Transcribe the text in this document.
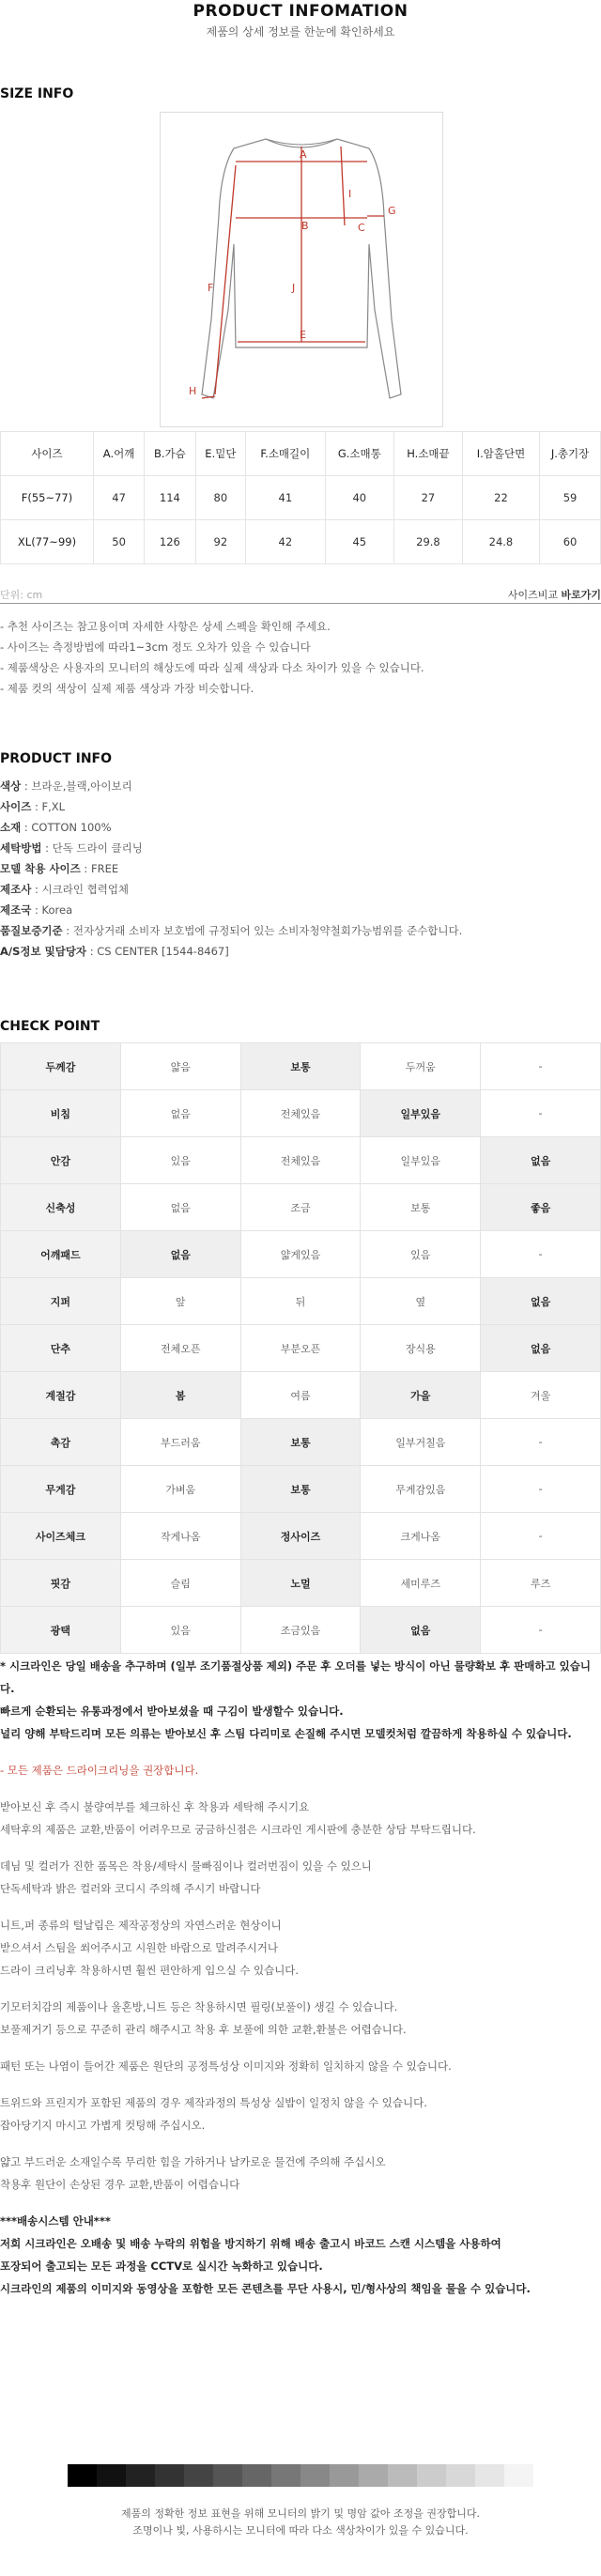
PRODUCT INFOMATION

제품의 상세 정보를 한눈에 확인하세요

SIZE INFO
A
B	C
E
F
G
H
I
J
사이즈	A.어깨	B.가슴	E.밑단	F.소매길이	G.소매통	H.소매끝	I.암홀단면	J.총기장
F(55~77)	47	114	80	41	40	27	22	59
XL(77~99)	50	126	92	42	45	29.8	24.8	60
단위: cm	사이즈비교 바로가기
- 추천 사이즈는 참고용이며 자세한 사항은 상세 스펙을 확인해 주세요.
- 사이즈는 측정방법에 따라1~3cm 정도 오차가 있을 수 있습니다
- 제품색상은 사용자의 모니터의 해상도에 따라 실제 색상과 다소 차이가 있을 수 있습니다.
- 제품 컷의 색상이 실제 제품 색상과 가장 비슷합니다.
PRODUCT INFO
색상 : 브라운,블랙,아이보리
사이즈 : F,XL
소재 : COTTON 100%
세탁방법 : 단독 드라이 클리닝
모델 착용 사이즈 : FREE
제조사 : 시크라인 협력업체
제조국 : Korea
품질보증기준 : 전자상거래 소비자 보호법에 규정되어 있는 소비자청약철회가능범위를 준수합니다.
A/S정보 및담당자 : CS CENTER [1544-8467]
CHECK POINT
두께감	얇음	보통	두꺼움	-
비침	없음	전체있음	일부있음	-
안감	있음	전체있음	일부있음	없음
신축성	없음	조금	보통	좋음
어깨패드	없음	얇게있음	있음	-
지퍼	앞	뒤	옆	없음
단추	전체오픈	부분오픈	장식용	없음
계절감	봄	여름	가을	겨울
촉감	부드러움	보통	일부거칠음	-
무게감	가벼움	보통	무게감있음	-
사이즈체크	작게나옴	정사이즈	크게나옴	-
핏감	슬림	노멀	세미루즈	루즈
광택	있음	조금있음	없음	-
* 시크라인은 당일 배송을 추구하며 (일부 조기품절상품 제외) 주문 후 오더를 넣는 방식이 아닌 물량확보 후 판매하고 있습니다.
빠르게 순환되는 유통과정에서 받아보셨을 때 구김이 발생할수 있습니다.
널리 양해 부탁드리며 모든 의류는 받아보신 후 스팀 다리미로 손질해 주시면 모델컷처럼 깔끔하게 착용하실 수 있습니다.
- 모든 제품은 드라이크리닝을 권장합니다.
받아보신 후 즉시 불량여부를 체크하신 후 착용과 세탁해 주시기요
세탁후의 제품은 교환,반품이 어려우므로 궁금하신점은 시크라인 게시판에 충분한 상담 부탁드립니다.
데님 및 컬러가 진한 품목은 착용/세탁시 물빠짐이나 컬러번짐이 있을 수 있으니
단독세탁과 밝은 컬러와 코디시 주의해 주시기 바랍니다
니트,퍼 종류의 털날림은 제작공정상의 자연스러운 현상이니
받으셔서 스팀을 쐬어주시고 시원한 바람으로 말려주시거나
드라이 크리닝후 착용하시면 훨씬 편안하게 입으실 수 있습니다.
기모터치감의 제품이나 울혼방,니트 등은 착용하시면 필링(보풀이) 생길 수 있습니다.
보풀제거기 등으로 꾸준히 관리 해주시고 착용 후 보풀에 의한 교환,환불은 어렵습니다.
패턴 또는 나염이 들어간 제품은 원단의 공정특성상 이미지와 정확히 일치하지 않을 수 있습니다.
트위드와 프린지가 포함된 제품의 경우 제작과정의 특성상 실밥이 일정치 않을 수 있습니다.
잡아당기지 마시고 가볍게 컷팅해 주십시오.
얇고 부드러운 소재일수록 무리한 힘을 가하거나 날카로운 물건에 주의해 주십시오
착용후 원단이 손상된 경우 교환,반품이 어렵습니다
***배송시스템 안내***
저희 시크라인은 오배송 및 배송 누락의 위험을 방지하기 위해 배송 출고시 바코드 스캔 시스템을 사용하여
포장되어 출고되는 모든 과정을 CCTV로 실시간 녹화하고 있습니다.
시크라인의 제품의 이미지와 동영상을 포함한 모든 콘텐츠를 무단 사용시, 민/형사상의 책임을 물을 수 있습니다.
제품의 정확한 정보 표현을 위해 모니터의 밝기 및 명암 값아 조정을 권장합니다.
조명이나 빛, 사용하시는 모니터에 따라 다소 색상차이가 있을 수 있습니다.
